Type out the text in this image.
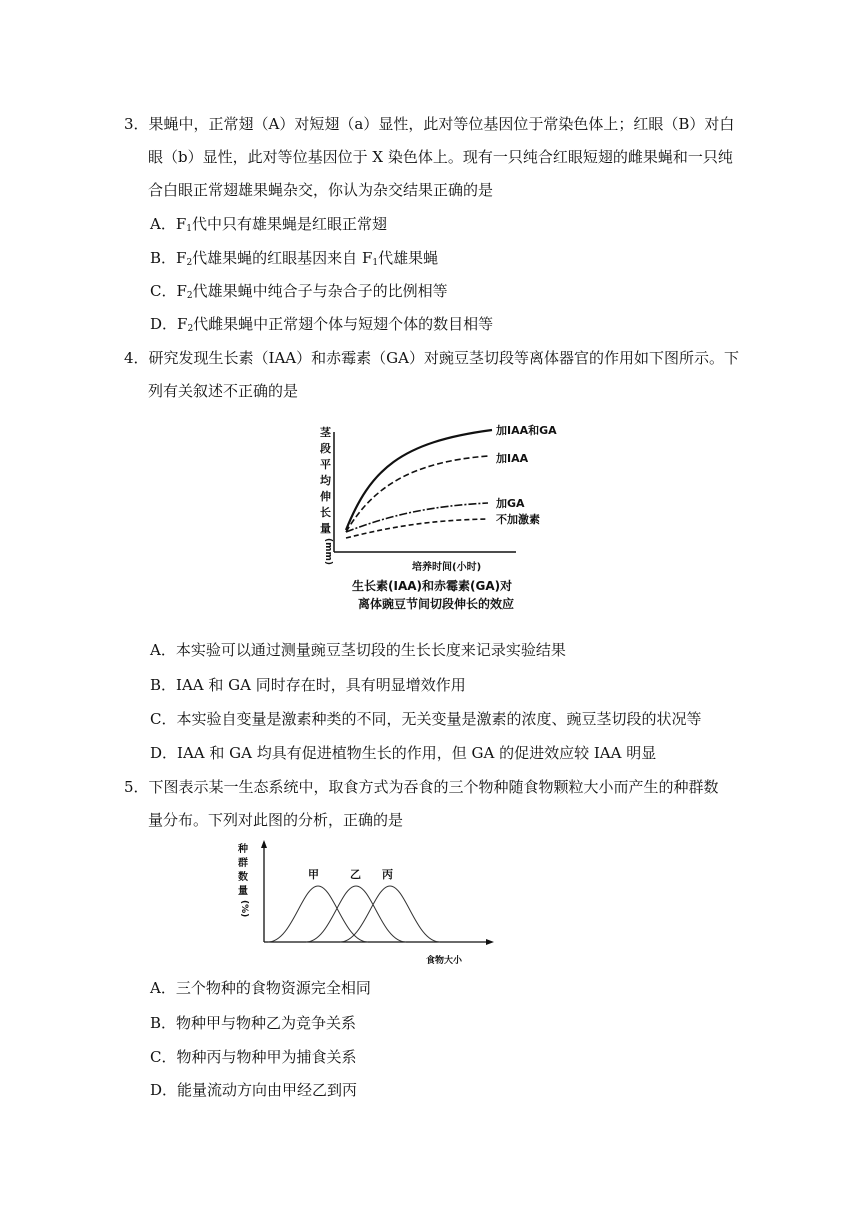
3．果蝇中，正常翅（A）对短翅（a）显性，此对等位基因位于常染色体上；红眼（B）对白
眼（b）显性，此对等位基因位于 X 染色体上。现有一只纯合红眼短翅的雌果蝇和一只纯
合白眼正常翅雄果蝇杂交，你认为杂交结果正确的是
A．$F_1$代中只有雄果蝇是红眼正常翅
B．$F_2$代雄果蝇的红眼基因来自 $F_1$代雄果蝇
C．$F_2$代雄果蝇中纯合子与杂合子的比例相等
D．$F_2$代雌果蝇中正常翅个体与短翅个体的数目相等
4．研究发现生长素（IAA）和赤霉素（GA）对豌豆茎切段等离体器官的作用如下图所示。下
列有关叙述不正确的是
茎
段
平
均
伸
长
量
(mm)
加IAA和GA
加IAA
加GA
不加激素
培养时间(小时)
生长素(IAA)和赤霉素(GA)对
离体豌豆节间切段伸长的效应
A．本实验可以通过测量豌豆茎切段的生长长度来记录实验结果
B．IAA 和 GA 同时存在时，具有明显增效作用
C．本实验自变量是激素种类的不同，无关变量是激素的浓度、豌豆茎切段的状况等
D．IAA 和 GA 均具有促进植物生长的作用，但 GA 的促进效应较 IAA 明显
5．下图表示某一生态系统中，取食方式为吞食的三个物种随食物颗粒大小而产生的种群数
量分布。下列对此图的分析，正确的是
种
群
数
量
(%)
甲	乙 丙
食物大小
A．三个物种的食物资源完全相同
B．物种甲与物种乙为竞争关系
C．物种丙与物种甲为捕食关系
D．能量流动方向由甲经乙到丙
